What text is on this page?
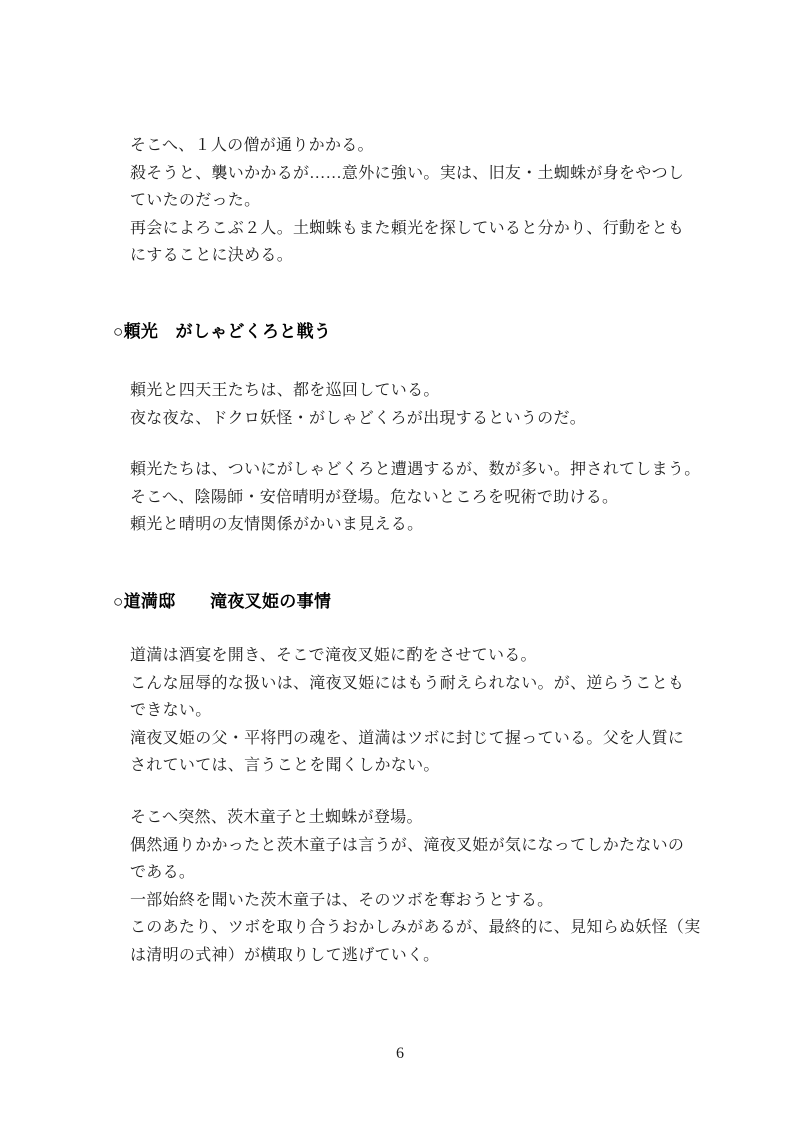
そこへ、１人の僧が通りかかる。
殺そうと、襲いかかるが……意外に強い。実は、旧友・土蜘蛛が身をやつし
ていたのだった。
再会によろこぶ２人。土蜘蛛もまた頼光を探していると分かり、行動をとも
にすることに決める。
○頼光　がしゃどくろと戦う
頼光と四天王たちは、都を巡回している。
夜な夜な、ドクロ妖怪・がしゃどくろが出現するというのだ。
頼光たちは、ついにがしゃどくろと遭遇するが、数が多い。押されてしまう。
そこへ、陰陽師・安倍晴明が登場。危ないところを呪術で助ける。
頼光と晴明の友情関係がかいま見える。
○道満邸　　滝夜叉姫の事情
道満は酒宴を開き、そこで滝夜叉姫に酌をさせている。
こんな屈辱的な扱いは、滝夜叉姫にはもう耐えられない。が、逆らうことも
できない。
滝夜叉姫の父・平将門の魂を、道満はツボに封じて握っている。父を人質に
されていては、言うことを聞くしかない。
そこへ突然、茨木童子と土蜘蛛が登場。
偶然通りかかったと茨木童子は言うが、滝夜叉姫が気になってしかたないの
である。
一部始終を聞いた茨木童子は、そのツボを奪おうとする。
このあたり、ツボを取り合うおかしみがあるが、最終的に、見知らぬ妖怪（実
は清明の式神）が横取りして逃げていく。
6
